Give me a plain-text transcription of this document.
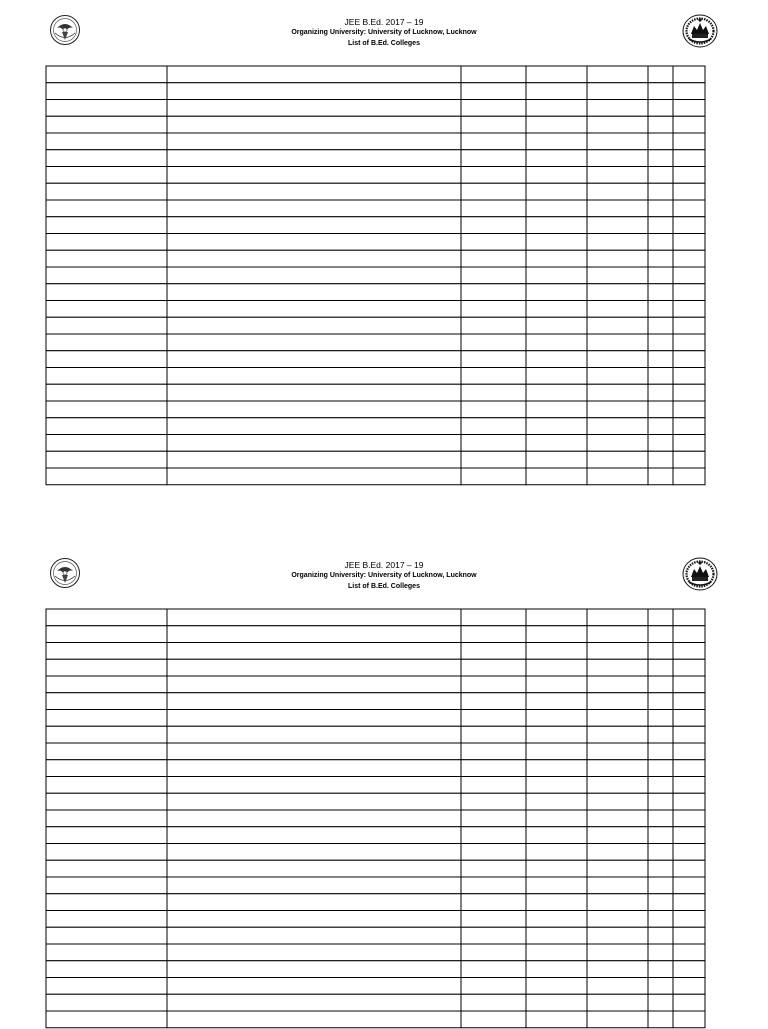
JEE B.Ed. 2017 – 19
Organizing University: University of Lucknow, Lucknow
List of B.Ed. Colleges
JEE B.Ed. 2017 – 19
Organizing University: University of Lucknow, Lucknow
List of B.Ed. Colleges
